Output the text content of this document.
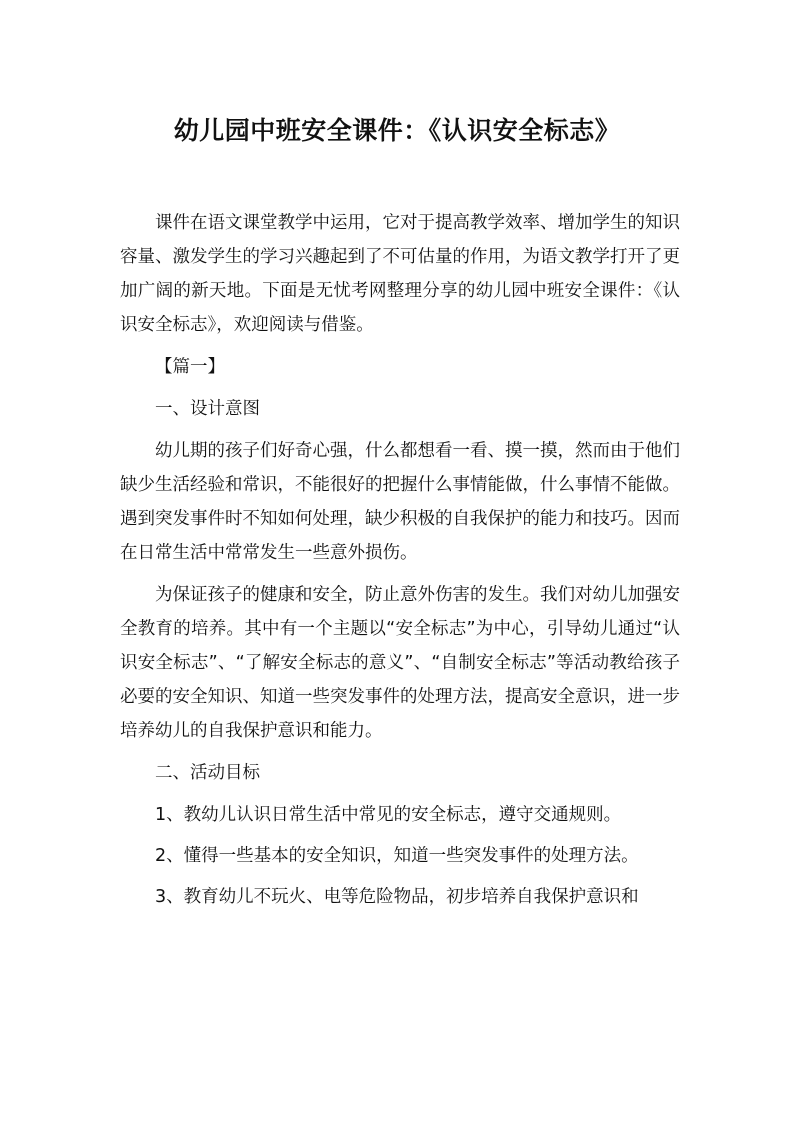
幼儿园中班安全课件：《认识安全标志》

课件在语文课堂教学中运用，它对于提高教学效率、增加学生的知识容量、激发学生的学习兴趣起到了不可估量的作用，为语文教学打开了更加广阔的新天地。下面是无忧考网整理分享的幼儿园中班安全课件：《认识安全标志》，欢迎阅读与借鉴。

【篇一】

一、设计意图

幼儿期的孩子们好奇心强，什么都想看一看、摸一摸，然而由于他们缺少生活经验和常识，不能很好的把握什么事情能做，什么事情不能做。遇到突发事件时不知如何处理，缺少积极的自我保护的能力和技巧。因而在日常生活中常常发生一些意外损伤。

为保证孩子的健康和安全，防止意外伤害的发生。我们对幼儿加强安全教育的培养。其中有一个主题以“安全标志”为中心，引导幼儿通过“认识安全标志”、“了解安全标志的意义”、“自制安全标志”等活动教给孩子必要的安全知识、知道一些突发事件的处理方法，提高安全意识，进一步培养幼儿的自我保护意识和能力。

二、活动目标

1、教幼儿认识日常生活中常见的安全标志，遵守交通规则。

2、懂得一些基本的安全知识，知道一些突发事件的处理方法。

3、教育幼儿不玩火、电等危险物品，初步培养自我保护意识和
